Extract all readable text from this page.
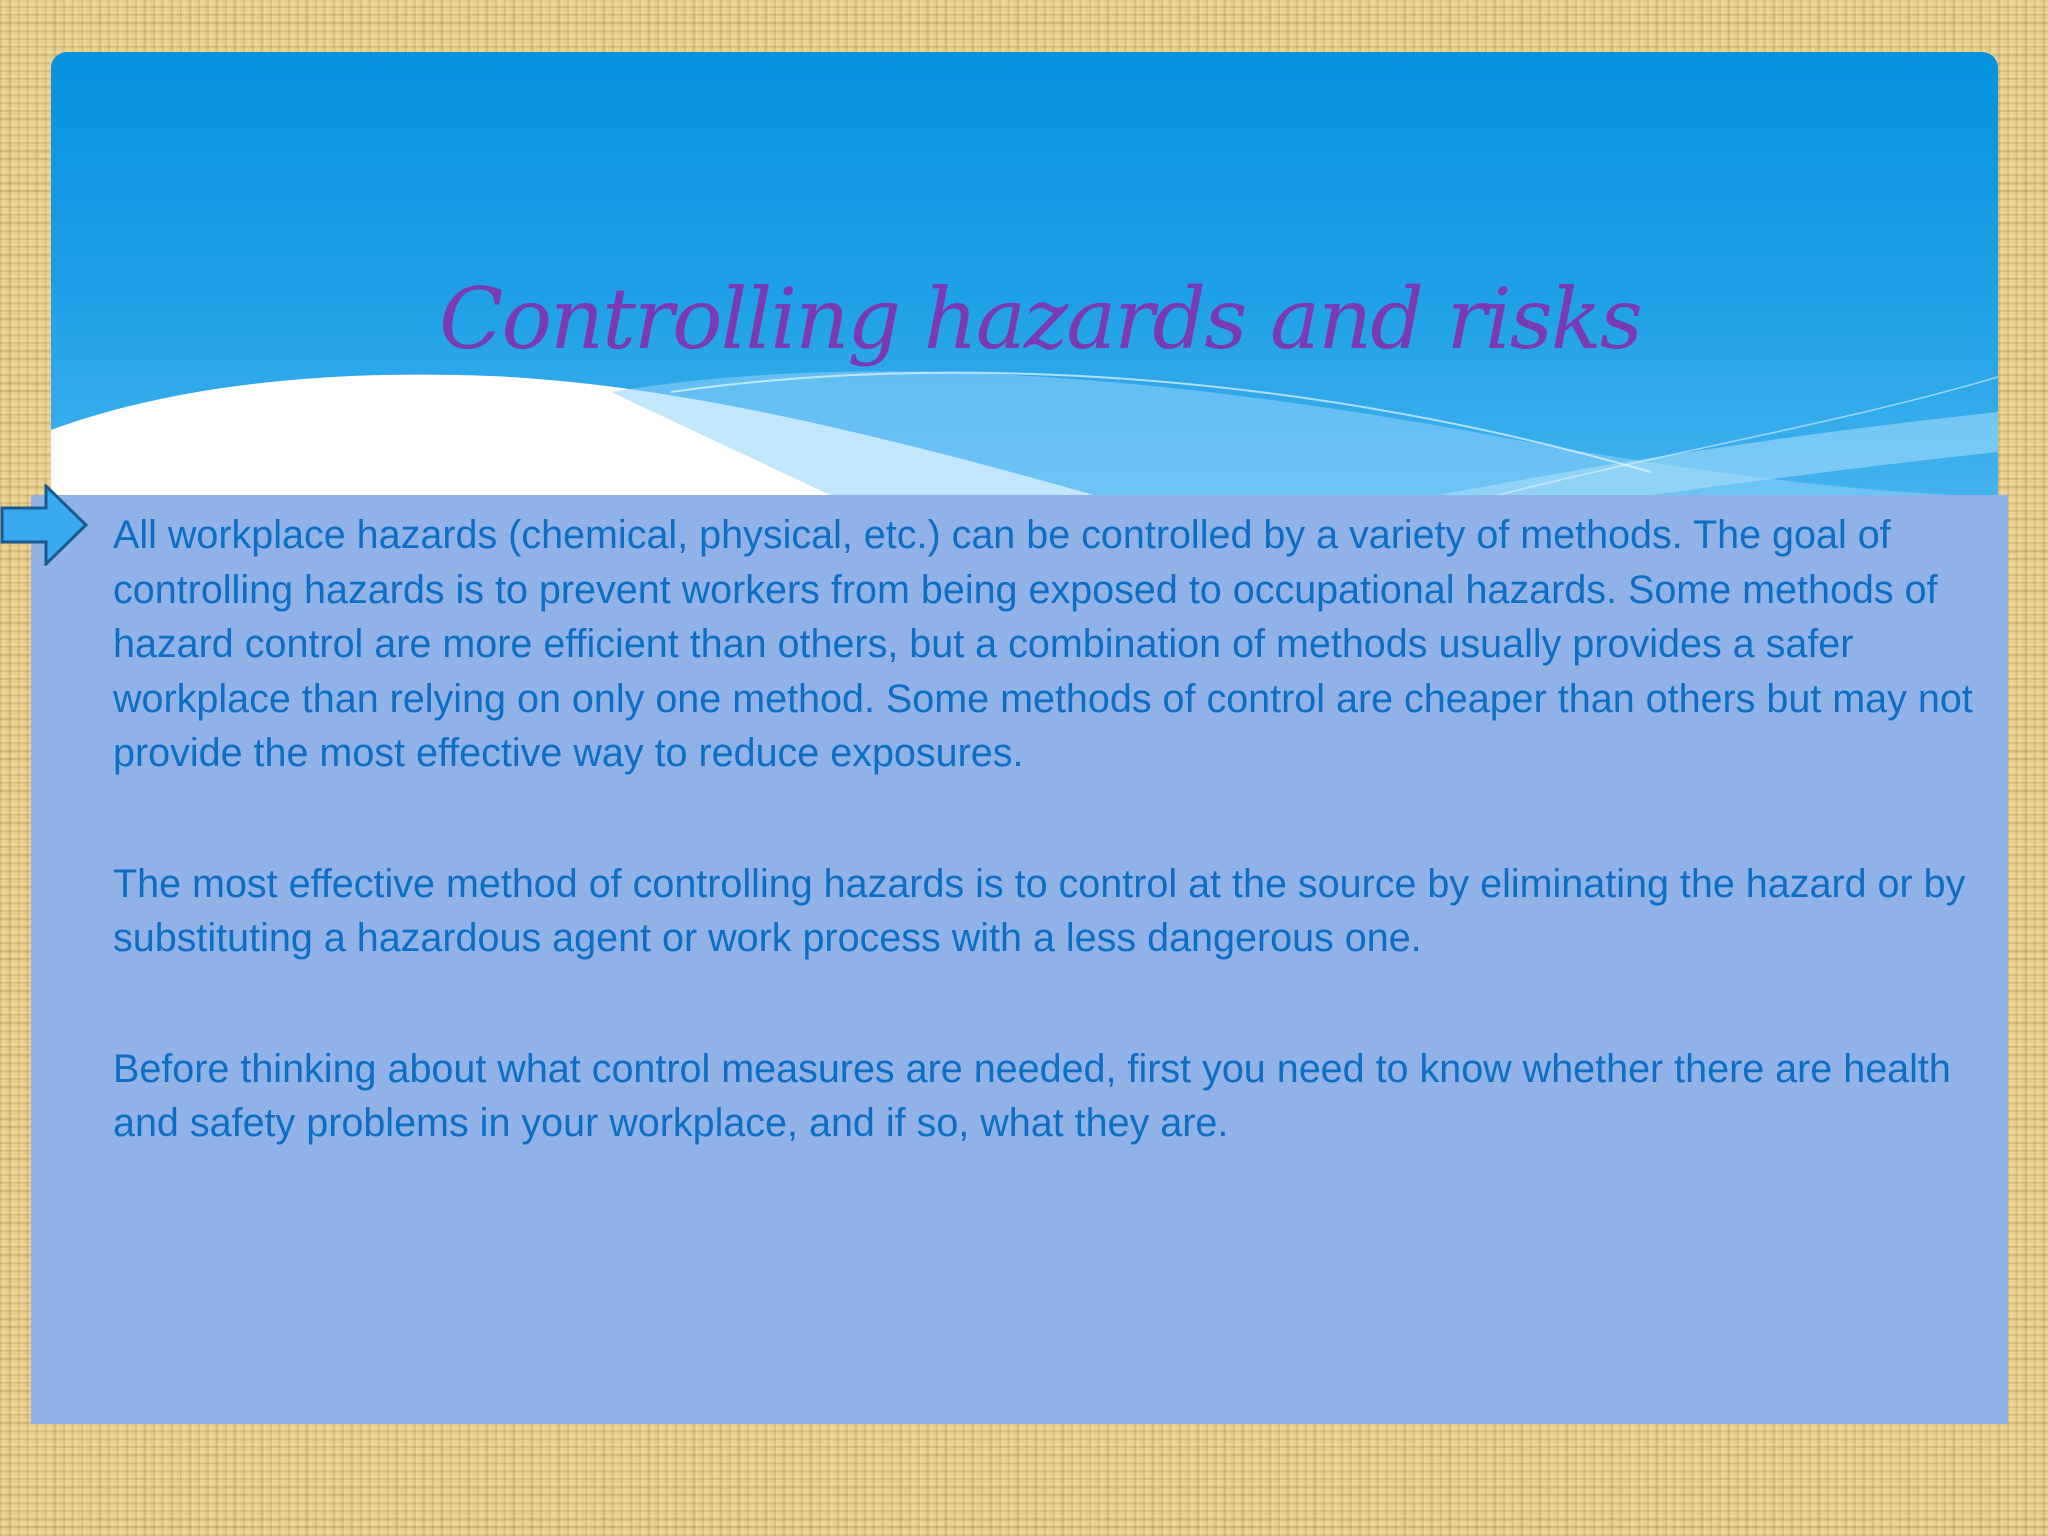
Controlling hazards and risks

All workplace hazards (chemical, physical, etc.) can be controlled by a variety of methods. The goal of controlling hazards is to prevent workers from being exposed to occupational hazards. Some methods of hazard control are more efficient than others, but a combination of methods usually provides a safer workplace than relying on only one method. Some methods of control are cheaper than others but may not provide the most effective way to reduce exposures.

The most effective method of controlling hazards is to control at the source by eliminating the hazard or by substituting a hazardous agent or work process with a less dangerous one.

Before thinking about what control measures are needed, first you need to know whether there are health and safety problems in your workplace, and if so, what they are.
